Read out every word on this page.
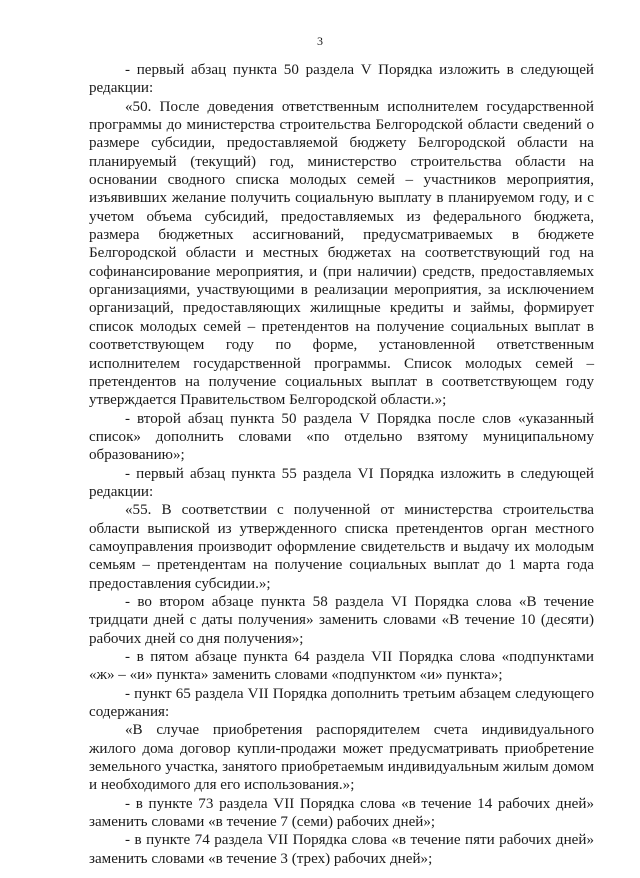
3

- первый абзац пункта 50 раздела V Порядка изложить в следующей редакции:

«50. После доведения ответственным исполнителем государственной программы до министерства строительства Белгородской области сведений о размере субсидии, предоставляемой бюджету Белгородской области на планируемый (текущий) год, министерство строительства области на основании сводного списка молодых семей – участников мероприятия, изъявивших желание получить социальную выплату в планируемом году, и с учетом объема субсидий, предоставляемых из федерального бюджета, размера бюджетных ассигнований, предусматриваемых в бюджете Белгородской области и местных бюджетах на соответствующий год на софинансирование мероприятия, и (при наличии) средств, предоставляемых организациями, участвующими в реализации мероприятия, за исключением организаций, предоставляющих жилищные кредиты и займы, формирует список молодых семей – претендентов на получение социальных выплат в соответствующем году по форме, установленной ответственным исполнителем государственной программы. Список молодых семей – претендентов на получение социальных выплат в соответствующем году утверждается Правительством Белгородской области.»;

- второй абзац пункта 50 раздела V Порядка после слов «указанный список» дополнить словами «по отдельно взятому муниципальному образованию»;

- первый абзац пункта 55 раздела VI Порядка изложить в следующей редакции:

«55. В соответствии с полученной от министерства строительства области выпиской из утвержденного списка претендентов орган местного самоуправления производит оформление свидетельств и выдачу их молодым семьям – претендентам на получение социальных выплат до 1 марта года предоставления субсидии.»;

- во втором абзаце пункта 58 раздела VI Порядка слова «В течение тридцати дней с даты получения» заменить словами «В течение 10 (десяти) рабочих дней со дня получения»;

- в пятом абзаце пункта 64 раздела VII Порядка слова «подпунктами «ж» – «и» пункта» заменить словами «подпунктом «и» пункта»;

- пункт 65 раздела VII Порядка дополнить третьим абзацем следующего содержания:

«В случае приобретения распорядителем счета индивидуального жилого дома договор купли-продажи может предусматривать приобретение земельного участка, занятого приобретаемым индивидуальным жилым домом и необходимого для его использования.»;

- в пункте 73 раздела VII Порядка слова «в течение 14 рабочих дней» заменить словами «в течение 7 (семи) рабочих дней»;

- в пункте 74 раздела VII Порядка слова «в течение пяти рабочих дней» заменить словами «в течение 3 (трех) рабочих дней»;
